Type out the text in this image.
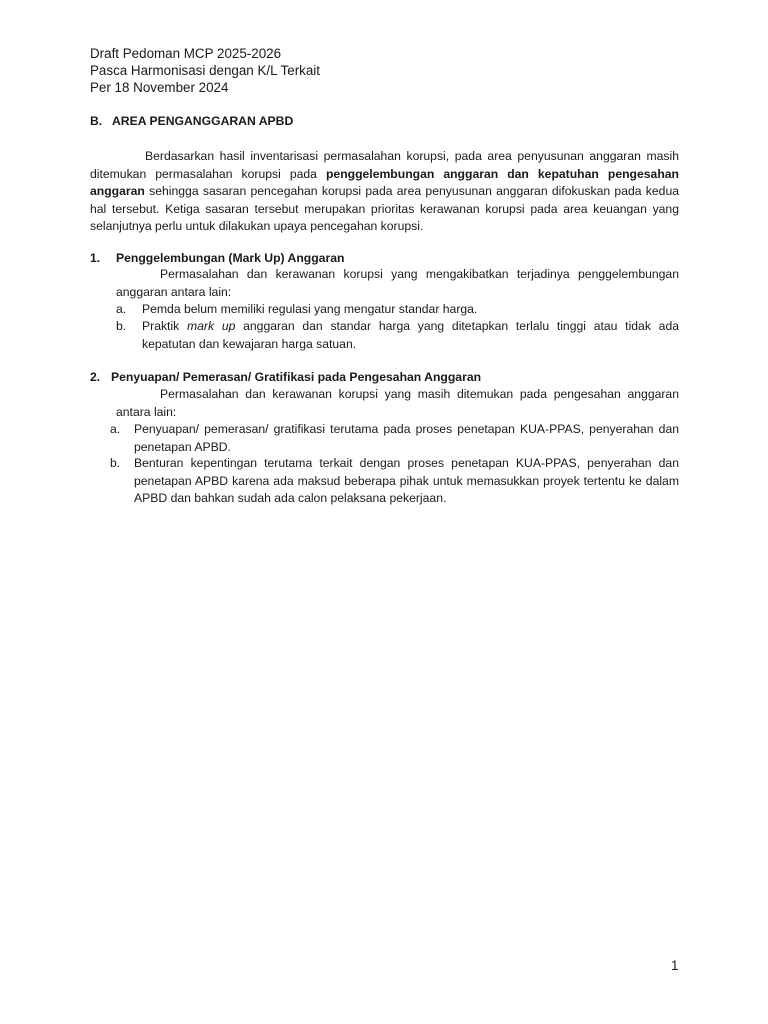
Draft Pedoman MCP 2025-2026
Pasca Harmonisasi dengan K/L Terkait
Per 18 November 2024
B. AREA PENGANGGARAN APBD
Berdasarkan hasil inventarisasi permasalahan korupsi, pada area penyusunan anggaran masih ditemukan permasalahan korupsi pada penggelembungan anggaran dan kepatuhan pengesahan anggaran sehingga sasaran pencegahan korupsi pada area penyusunan anggaran difokuskan pada kedua hal tersebut. Ketiga sasaran tersebut merupakan prioritas kerawanan korupsi pada area keuangan yang selanjutnya perlu untuk dilakukan upaya pencegahan korupsi.
1. Penggelembungan (Mark Up) Anggaran
Permasalahan dan kerawanan korupsi yang mengakibatkan terjadinya penggelembungan anggaran antara lain:
a. Pemda belum memiliki regulasi yang mengatur standar harga.
b. Praktik mark up anggaran dan standar harga yang ditetapkan terlalu tinggi atau tidak ada kepatutan dan kewajaran harga satuan.
2. Penyuapan/ Pemerasan/ Gratifikasi pada Pengesahan Anggaran
Permasalahan dan kerawanan korupsi yang masih ditemukan pada pengesahan anggaran antara lain:
a. Penyuapan/ pemerasan/ gratifikasi terutama pada proses penetapan KUA-PPAS, penyerahan dan penetapan APBD.
b. Benturan kepentingan terutama terkait dengan proses penetapan KUA-PPAS, penyerahan dan penetapan APBD karena ada maksud beberapa pihak untuk memasukkan proyek tertentu ke dalam APBD dan bahkan sudah ada calon pelaksana pekerjaan.
1
